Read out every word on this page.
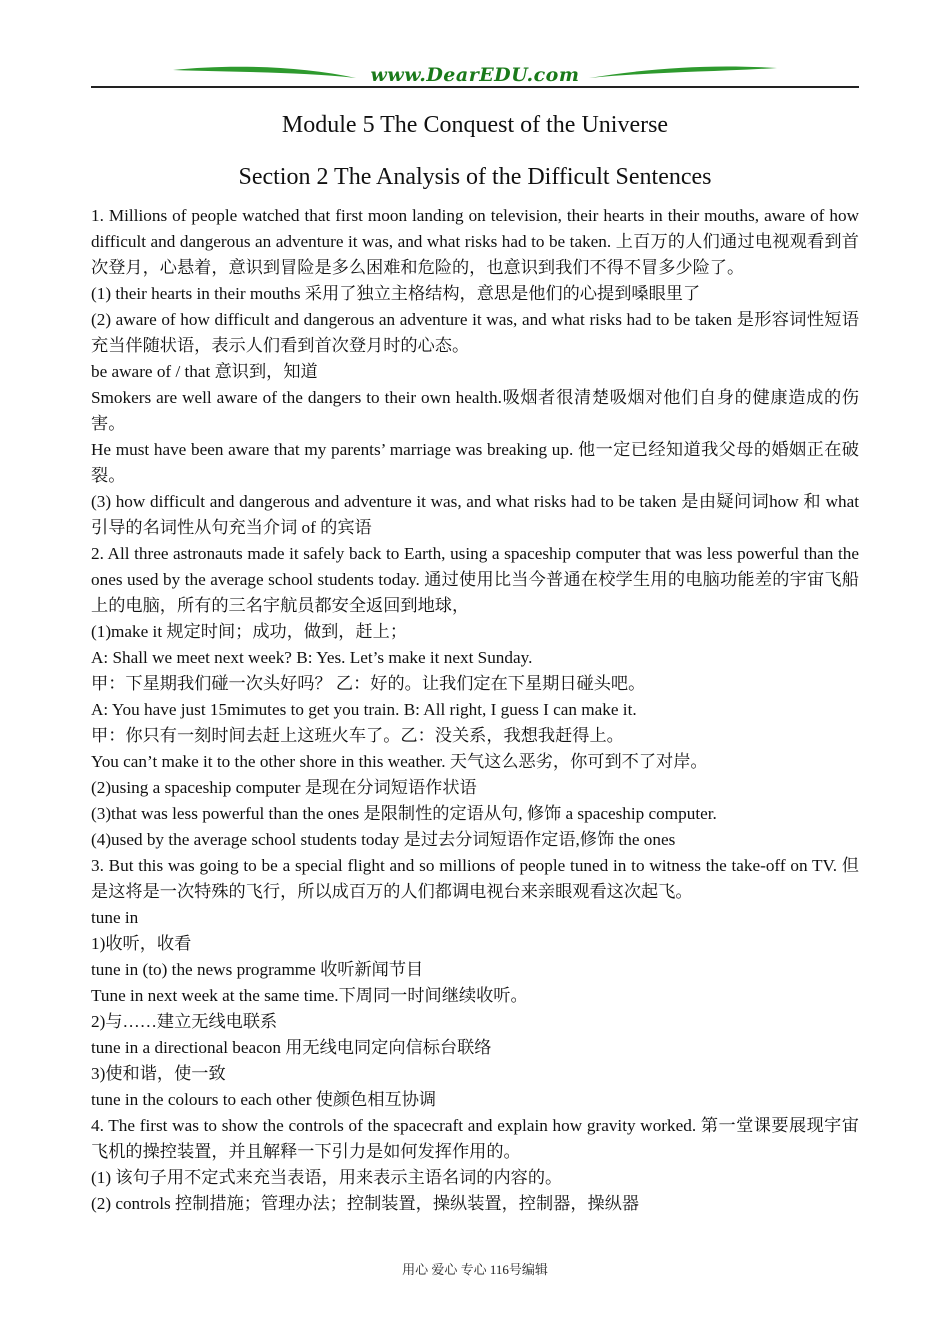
www.DearEDU.com
Module 5 The Conquest of the Universe
Section 2 The Analysis of the Difficult Sentences

1. Millions of people watched that first moon landing on television, their hearts in their mouths, aware of how difficult and dangerous an adventure it was, and what risks had to be taken. 上百万的人们通过电视观看到首次登月，心悬着，意识到冒险是多么困难和危险的，也意识到我们不得不冒多少险了。

(1) their hearts in their mouths 采用了独立主格结构，意思是他们的心提到嗓眼里了

(2) aware of how difficult and dangerous an adventure it was, and what risks had to be taken 是形容词性短语充当伴随状语，表示人们看到首次登月时的心态。

be aware of / that 意识到，知道

Smokers are well aware of the dangers to their own health.吸烟者很清楚吸烟对他们自身的健康造成的伤害。

He must have been aware that my parents’ marriage was breaking up. 他一定已经知道我父母的婚姻正在破裂。

(3) how difficult and dangerous and adventure it was, and what risks had to be taken 是由疑问词how 和 what 引导的名词性从句充当介词 of 的宾语

2. All three astronauts made it safely back to Earth, using a spaceship computer that was less powerful than the ones used by the average school students today. 通过使用比当今普通在校学生用的电脑功能差的宇宙飞船上的电脑，所有的三名宇航员都安全返回到地球，

(1)make it 规定时间；成功，做到，赶上；

A: Shall we meet next week? B: Yes. Let’s make it next Sunday.

甲：下星期我们碰一次头好吗？ 乙：好的。让我们定在下星期日碰头吧。

A: You have just 15mimutes to get you train. B: All right, I guess I can make it.

甲：你只有一刻时间去赶上这班火车了。乙：没关系，我想我赶得上。

You can’t make it to the other shore in this weather. 天气这么恶劣，你可到不了对岸。

(2)using a spaceship computer 是现在分词短语作状语

(3)that was less powerful than the ones 是限制性的定语从句, 修饰 a spaceship computer.

(4)used by the average school students today 是过去分词短语作定语,修饰 the ones

3. But this was going to be a special flight and so millions of people tuned in to witness the take-off on TV. 但是这将是一次特殊的飞行，所以成百万的人们都调电视台来亲眼观看这次起飞。

tune in

1)收听，收看

tune in (to) the news programme 收听新闻节目

Tune in next week at the same time.下周同一时间继续收听。

2)与……建立无线电联系

tune in a directional beacon 用无线电同定向信标台联络

3)使和谐，使一致

tune in the colours to each other 使颜色相互协调

4. The first was to show the controls of the spacecraft and explain how gravity worked. 第一堂课要展现宇宙飞机的操控装置，并且解释一下引力是如何发挥作用的。

(1) 该句子用不定式来充当表语，用来表示主语名词的内容的。

(2) controls 控制措施；管理办法；控制装置，操纵装置，控制器，操纵器

用心 爱心 专心 116号编辑
